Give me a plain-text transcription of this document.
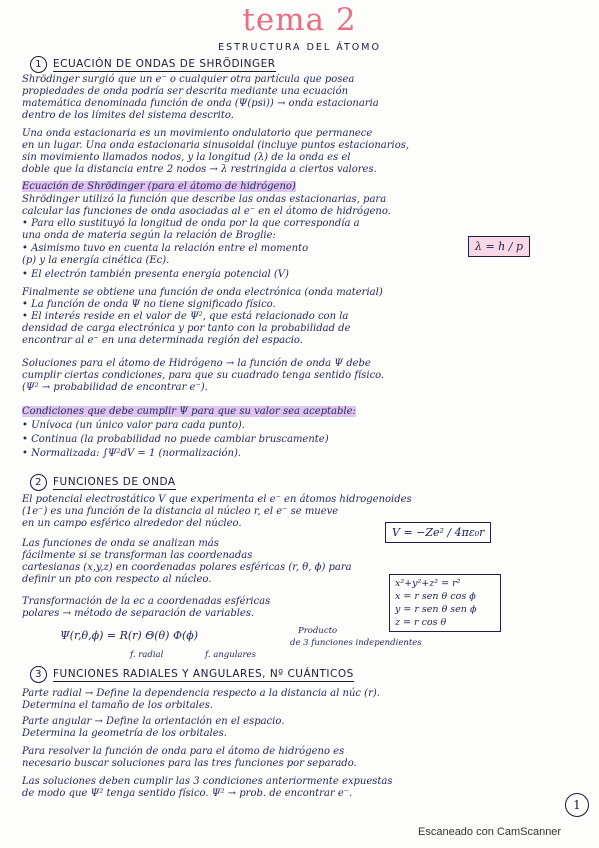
tema 2
ESTRUCTURA DEL ÁTOMO
1 ECUACIÓN DE ONDAS DE SHRÖDINGER
Shrödinger surgió que un e⁻ o cualquier otra partícula que posea
propiedades de onda podría ser descrita mediante una ecuación
matemática denominada función de onda (Ψ(psi)) → onda estacionaria
dentro de los límites del sistema descrito.
Una onda estacionaria es un movimiento ondulatorio que permanece
en un lugar. Una onda estacionaria sinusoidal (incluye puntos estacionarios,
sin movimiento llamados nodos, y la longitud (λ) de la onda es el
doble que la distancia entre 2 nodos → λ restringida a ciertos valores.
Ecuación de Shrödinger (para el átomo de hidrógeno)
Shrödinger utilizó la función que describe las ondas estacionarias, para
calcular las funciones de onda asociadas al e⁻ en el átomo de hidrógeno.
• Para ello sustituyó la longitud de onda por la que correspondía a
una onda de materia según la relación de Broglie:
• Asimismo tuvo en cuenta la relación entre el momento
(p) y la energía cinética (Ec).
λ = h / p
• El electrón también presenta energía potencial (V)
Finalmente se obtiene una función de onda electrónica (onda material)
• La función de onda Ψ no tiene significado físico.
• El interés reside en el valor de Ψ², que está relacionado con la
densidad de carga electrónica y por tanto con la probabilidad de
encontrar al e⁻ en una determinada región del espacio.
Soluciones para el átomo de Hidrógeno → la función de onda Ψ debe
cumplir ciertas condiciones, para que su cuadrado tenga sentido físico.
(Ψ² → probabilidad de encontrar e⁻).
Condiciones que debe cumplir Ψ para que su valor sea aceptable:
• Unívoca (un único valor para cada punto).
• Continua (la probabilidad no puede cambiar bruscamente)
• Normalizada: ∫Ψ²dV = 1 (normalización).
2 FUNCIONES DE ONDA
El potencial electrostático V que experimenta el e⁻ en átomos hidrogenoides
(1e⁻) es una función de la distancia al núcleo r, el e⁻ se mueve
en un campo esférico alrededor del núcleo.
V = −Ze² / 4πε₀r
Las funciones de onda se analizan más
fácilmente si se transforman las coordenadas
cartesianas (x,y,z) en coordenadas polares esféricas (r, θ, ϕ) para
definir un pto con respecto al núcleo.	x²+y²+z² = r²
x = r sen θ cos ϕ
y = r sen θ sen ϕ
z = r cos θ
Transformación de la ec a coordenadas esféricas
polares → método de separación de variables.
Ψ(r,θ,ϕ) = R(r) Θ(θ) Φ(ϕ)	Producto
de 3 funciones independientes
f. radial	f. angulares
3 FUNCIONES RADIALES Y ANGULARES, Nº CUÁNTICOS
Parte radial → Define la dependencia respecto a la distancia al núc (r).
Determina el tamaño de los orbitales.
Parte angular → Define la orientación en el espacio.
Determina la geometría de los orbitales.
Para resolver la función de onda para el átomo de hidrógeno es
necesario buscar soluciones para las tres funciones por separado.
Las soluciones deben cumplir las 3 condiciones anteriormente expuestas
de modo que Ψ² tenga sentido físico. Ψ² → prob. de encontrar e⁻.
1
Escaneado con CamScanner
